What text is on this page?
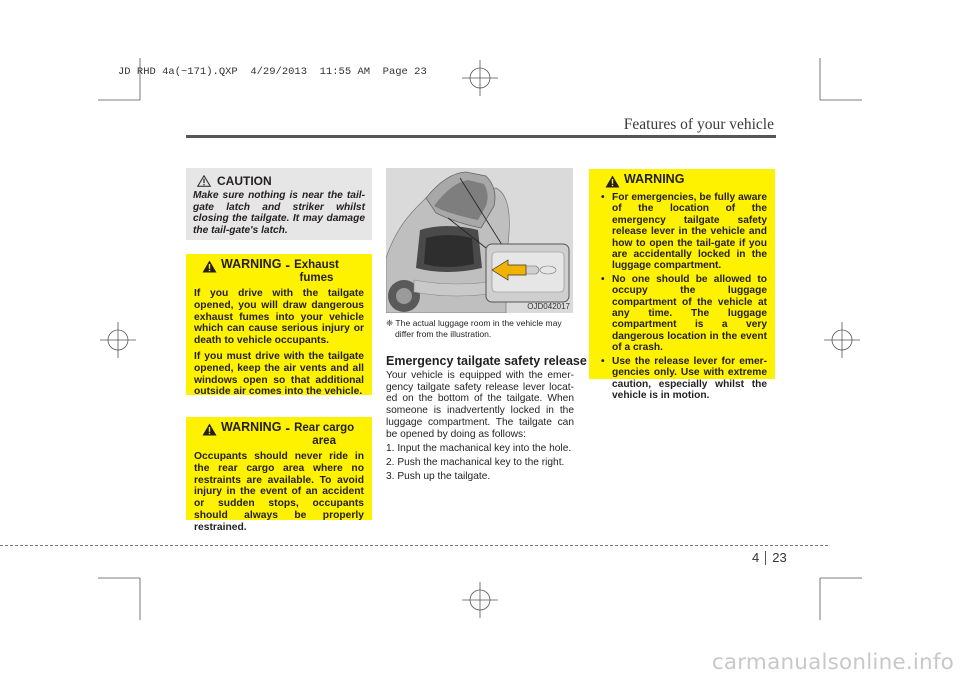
JD RHD 4a(~171).QXP  4/29/2013  11:55 AM  Page 23
Features of your vehicle
CAUTION
Make sure nothing is near the tail-gate latch and striker whilst closing the tailgate. It may damage the tail-gate's latch.
WARNING - Exhaust
fumes

If you drive with the tailgate opened, you will draw dangerous exhaust fumes into your vehicle which can cause serious injury or death to vehicle occupants.

If you must drive with the tailgate opened, keep the air vents and all windows open so that additional outside air comes into the vehicle.

WARNING - Rear cargo
area

Occupants should never ride in the rear cargo area where no restraints are available. To avoid injury in the event of an accident or sudden stops, occupants should always be properly restrained.

OJD042017
❈ The actual luggage room in the vehicle may
differ from the illustration.
Emergency tailgate safety release

Your vehicle is equipped with the emer-gency tailgate safety release lever locat-ed on the bottom of the tailgate. When someone is inadvertently locked in the luggage compartment. The tailgate can be opened by doing as follows:

1. Input the machanical key into the hole.
2. Push the machanical key to the right.
3. Push up the tailgate.
WARNING
• For emergencies, be fully aware of the location of the emergency tailgate safety release lever in the vehicle and how to open the tail-gate if you are accidentally locked in the luggage compartment.
• No one should be allowed to occupy the luggage compartment of the vehicle at any time. The luggage compartment is a very dangerous location in the event of a crash.
• Use the release lever for emer-gencies only. Use with extreme caution, especially whilst the vehicle is in motion.
4 23
carmanualsonline.info
